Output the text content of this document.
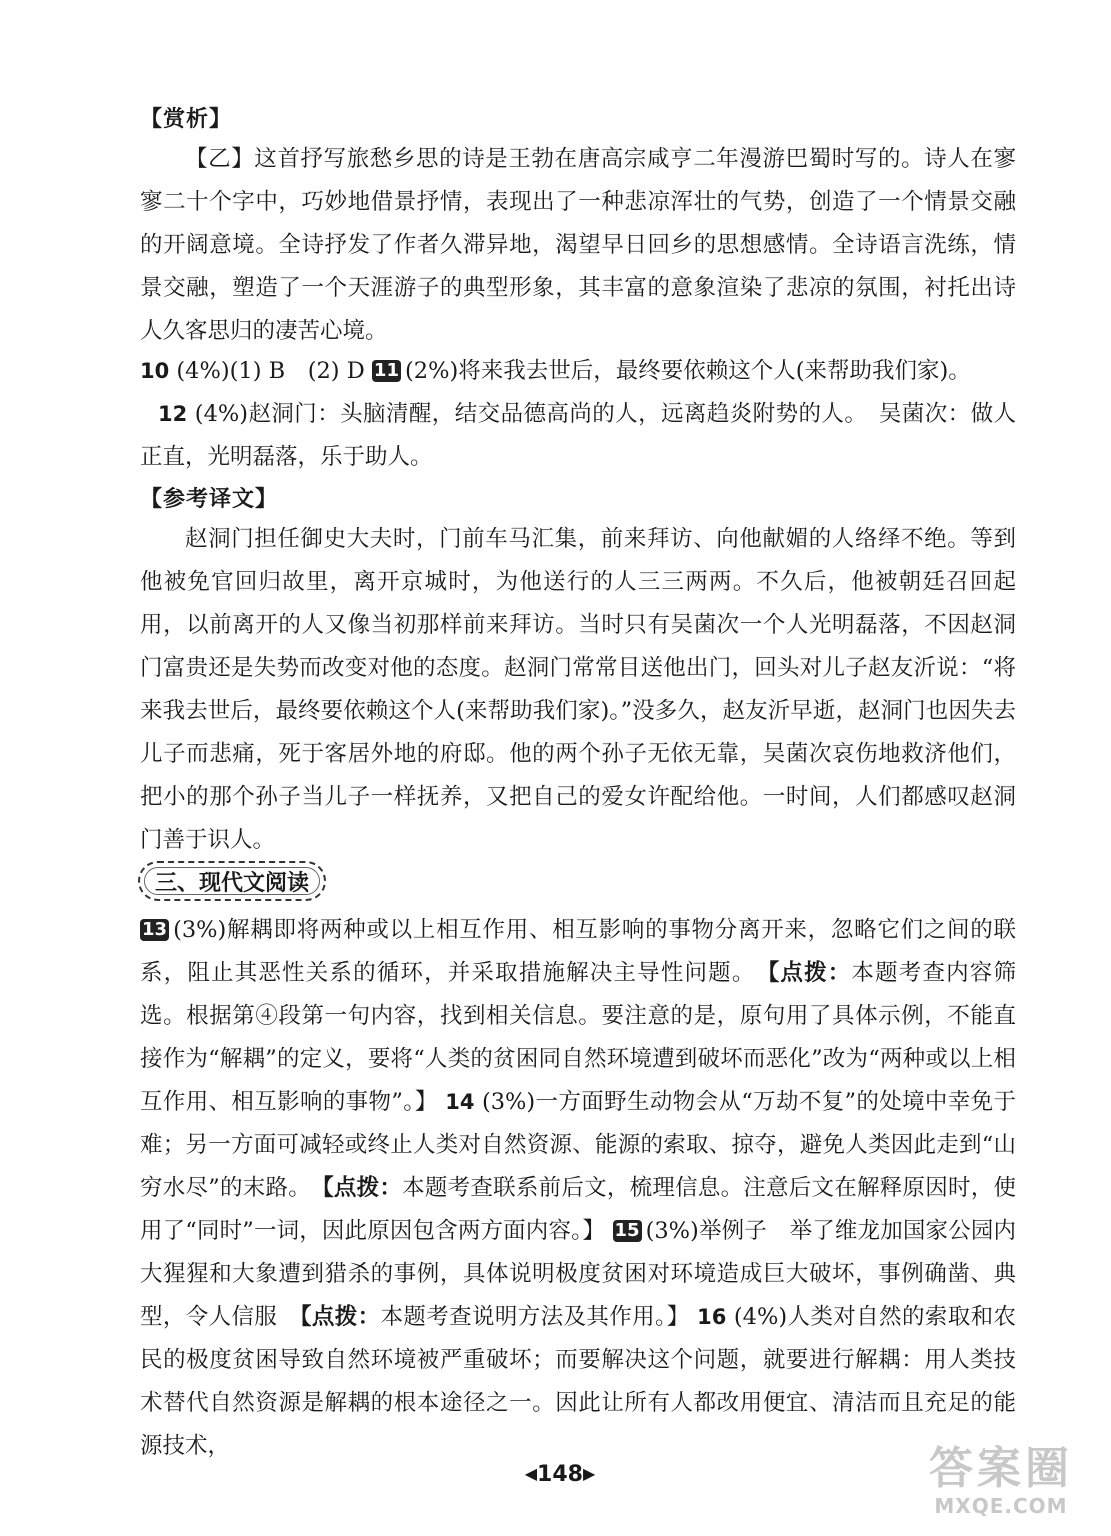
【赏析】
【乙】这首抒写旅愁乡思的诗是王勃在唐高宗咸亨二年漫游巴蜀时写的。诗人在寥寥二十个字中，巧妙地借景抒情，表现出了一种悲凉浑壮的气势，创造了一个情景交融的开阔意境。全诗抒发了作者久滞异地，渴望早日回乡的思想感情。全诗语言洗练，情景交融，塑造了一个天涯游子的典型形象，其丰富的意象渲染了悲凉的氛围，衬托出诗人久客思归的凄苦心境。
10 (4%)(1) B　(2) D 11 (2%)将来我去世后，最终要依赖这个人(来帮助我们家)。
12 (4%)赵洞门：头脑清醒，结交品德高尚的人，远离趋炎附势的人。　吴菌次：做人正直，光明磊落，乐于助人。
【参考译文】
赵洞门担任御史大夫时，门前车马汇集，前来拜访、向他献媚的人络绎不绝。等到他被免官回归故里，离开京城时，为他送行的人三三两两。不久后，他被朝廷召回起用，以前离开的人又像当初那样前来拜访。当时只有吴菌次一个人光明磊落，不因赵洞门富贵还是失势而改变对他的态度。赵洞门常常目送他出门，回头对儿子赵友沂说：“将来我去世后，最终要依赖这个人(来帮助我们家)。”没多久，赵友沂早逝，赵洞门也因失去儿子而悲痛，死于客居外地的府邸。他的两个孙子无依无靠，吴菌次哀伤地救济他们，把小的那个孙子当儿子一样抚养，又把自己的爱女许配给他。一时间，人们都感叹赵洞门善于识人。
三、现代文阅读
13 (3%)解耦即将两种或以上相互作用、相互影响的事物分离开来，忽略它们之间的联系，阻止其恶性关系的循环，并采取措施解决主导性问题。　【点拨：本题考查内容筛选。根据第④段第一句内容，找到相关信息。要注意的是，原句用了具体示例，不能直接作为“解耦”的定义，要将“人类的贫困同自然环境遭到破坏而恶化”改为“两种或以上相互作用、相互影响的事物”。】 14 (3%)一方面野生动物会从“万劫不复”的处境中幸免于难；另一方面可减轻或终止人类对自然资源、能源的索取、掠夺，避免人类因此走到“山穷水尽”的末路。　【点拨：本题考查联系前后文，梳理信息。注意后文在解释原因时，使用了“同时”一词，因此原因包含两方面内容。】 15 (3%)举例子　举了维龙加国家公园内大猩猩和大象遭到猎杀的事例，具体说明极度贫困对环境造成巨大破坏，事例确凿、典型，令人信服　【点拨：本题考查说明方法及其作用。】 16 (4%)人类对自然的索取和农民的极度贫困导致自然环境被严重破坏；而要解决这个问题，就要进行解耦：用人类技术替代自然资源是解耦的根本途径之一。因此让所有人都改用便宜、清洁而且充足的能源技术，
◀148▶	答案圈
MXQE.COM
